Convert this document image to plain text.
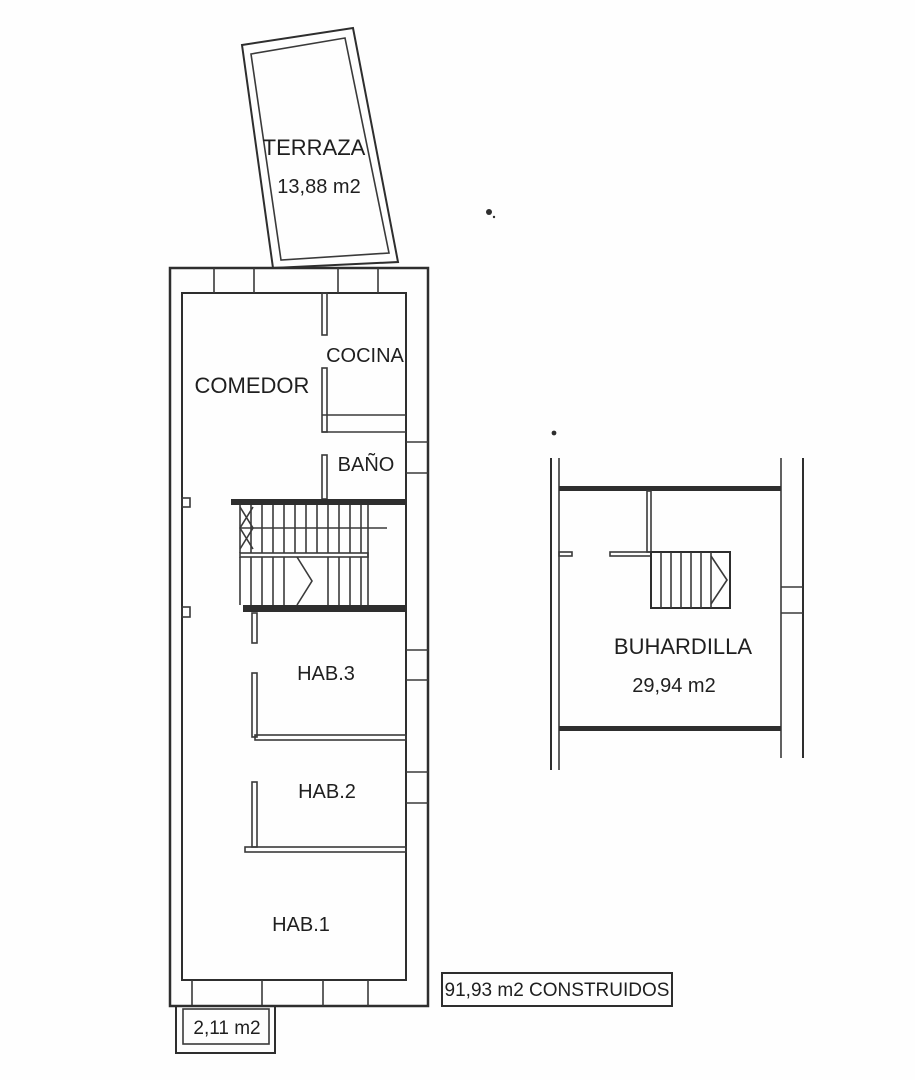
TERRAZA
13,88 m2
COMEDOR
COCINA
BAÑO
HAB.3
HAB.2
HAB.1
2,11 m2
BUHARDILLA
29,94 m2
91,93 m2 CONSTRUIDOS
